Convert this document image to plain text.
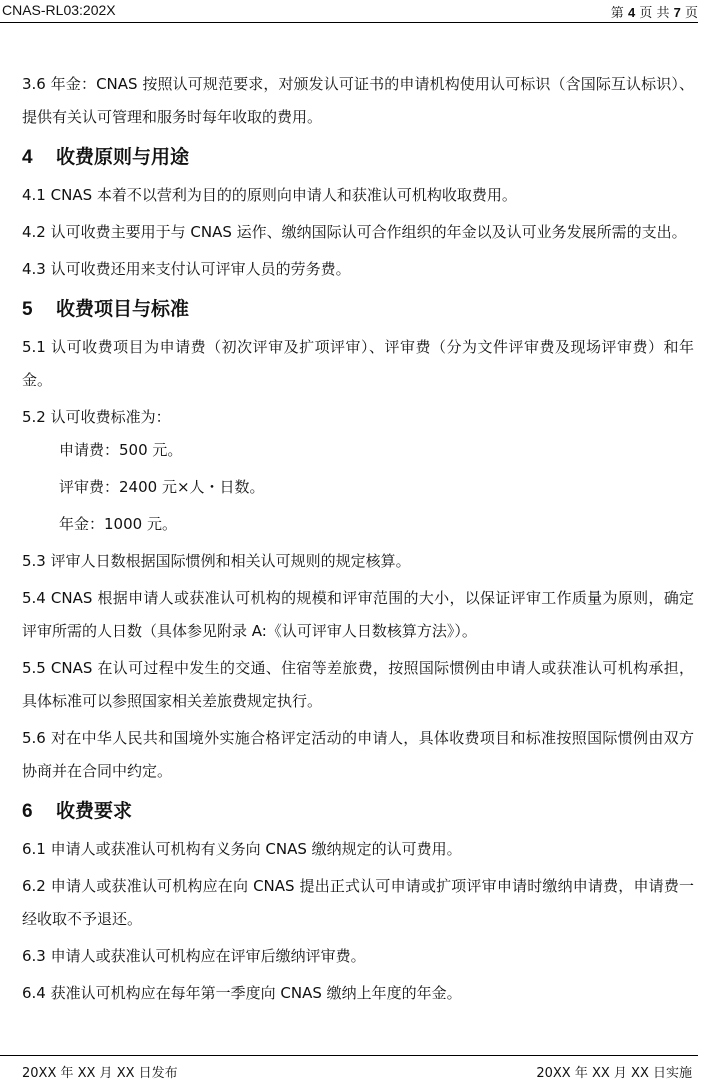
CNAS-RL03:202X	第 4 页 共 7 页

3.6 年金：CNAS 按照认可规范要求，对颁发认可证书的申请机构使用认可标识（含国际互认标识）、提供有关认可管理和服务时每年收取的费用。

4 收费原则与用途

4.1 CNAS 本着不以营利为目的的原则向申请人和获准认可机构收取费用。

4.2 认可收费主要用于与 CNAS 运作、缴纳国际认可合作组织的年金以及认可业务发展所需的支出。

4.3 认可收费还用来支付认可评审人员的劳务费。

5 收费项目与标准

5.1 认可收费项目为申请费（初次评审及扩项评审）、评审费（分为文件评审费及现场评审费）和年金。

5.2 认可收费标准为：

申请费：500 元。

评审费：2400 元×人・日数。

年金：1000 元。

5.3 评审人日数根据国际惯例和相关认可规则的规定核算。

5.4 CNAS 根据申请人或获准认可机构的规模和评审范围的大小，以保证评审工作质量为原则，确定评审所需的人日数（具体参见附录 A:《认可评审人日数核算方法》）。

5.5 CNAS 在认可过程中发生的交通、住宿等差旅费，按照国际惯例由申请人或获准认可机构承担，具体标准可以参照国家相关差旅费规定执行。

5.6 对在中华人民共和国境外实施合格评定活动的申请人，具体收费项目和标准按照国际惯例由双方协商并在合同中约定。

6 收费要求

6.1 申请人或获准认可机构有义务向 CNAS 缴纳规定的认可费用。

6.2 申请人或获准认可机构应在向 CNAS 提出正式认可申请或扩项评审申请时缴纳申请费，申请费一经收取不予退还。

6.3 申请人或获准认可机构应在评审后缴纳评审费。

6.4 获准认可机构应在每年第一季度向 CNAS 缴纳上年度的年金。

20XX 年 XX 月 XX 日发布	20XX 年 XX 月 XX 日实施
